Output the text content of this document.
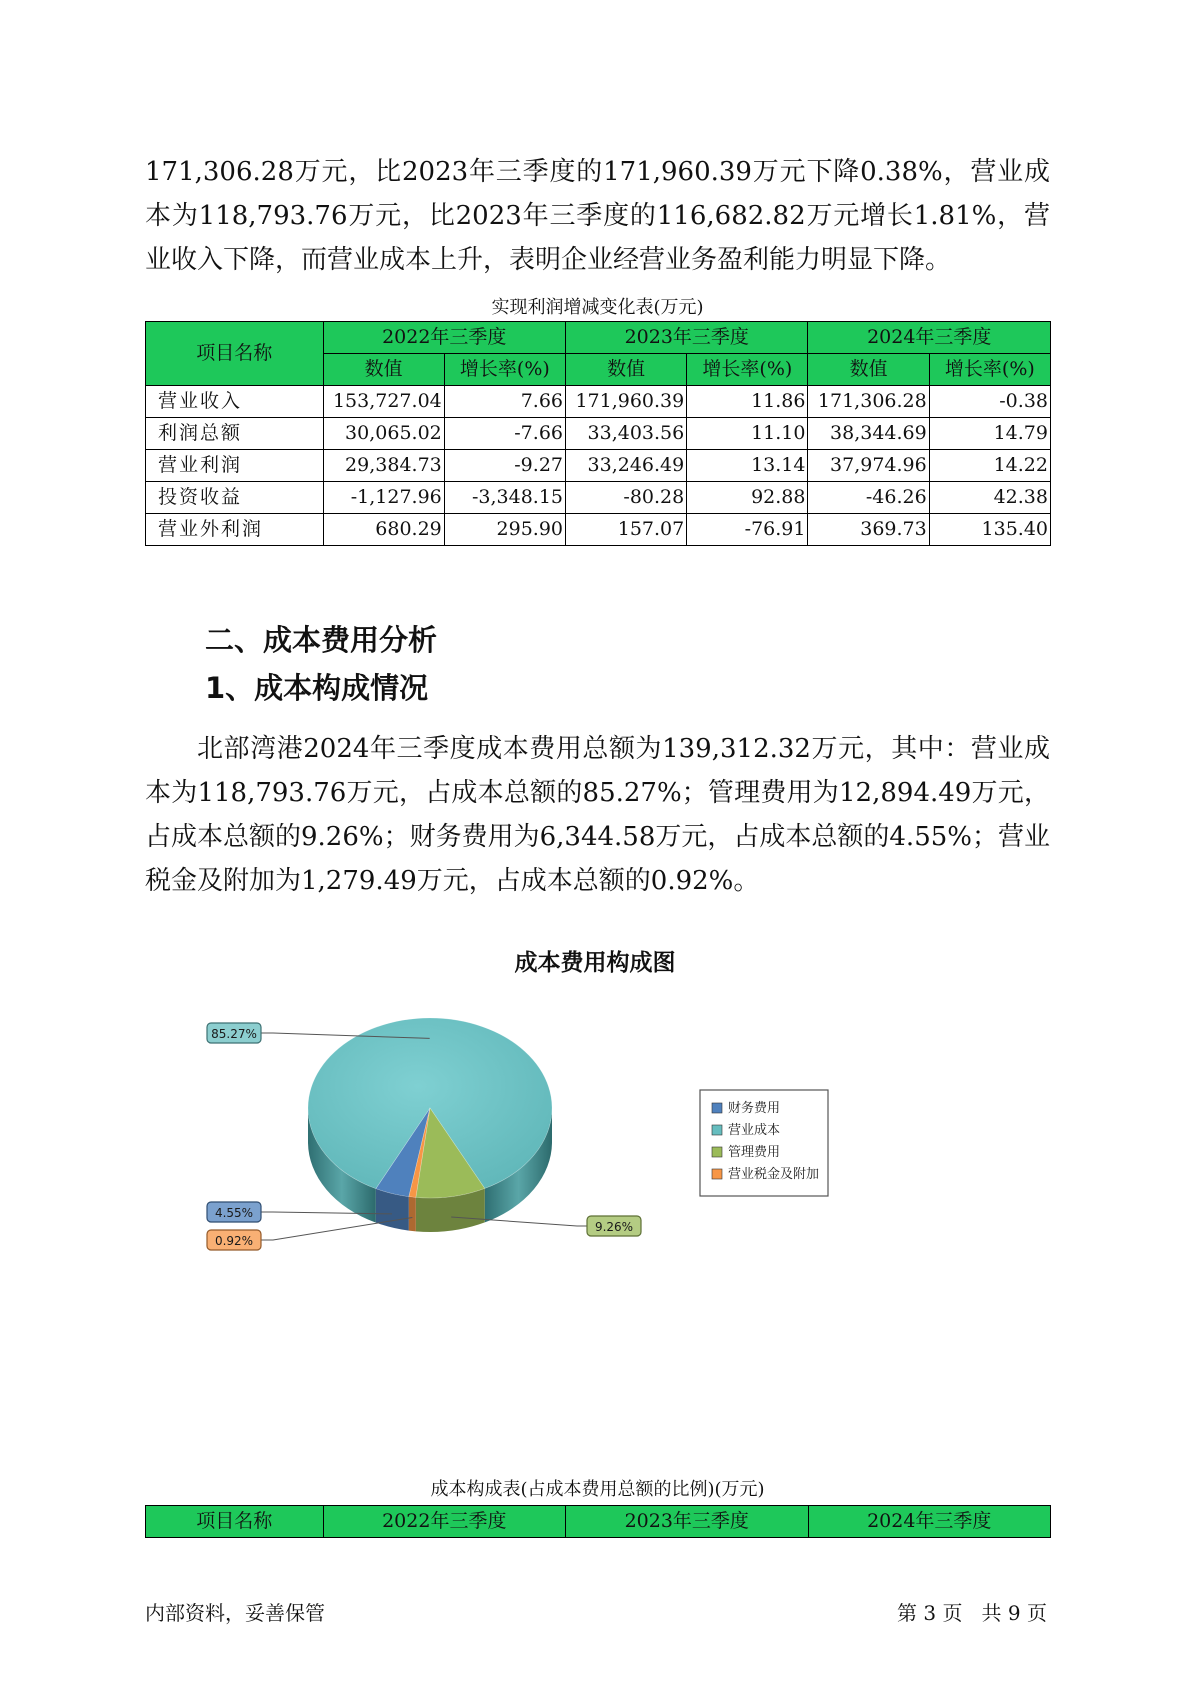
171,306.28万元，比2023年三季度的171,960.39万元下降0.38%，营业成本为118,793.76万元，比2023年三季度的116,682.82万元增长1.81%，营业收入下降，而营业成本上升，表明企业经营业务盈利能力明显下降。

实现利润增减变化表(万元)
项目名称	2022年三季度		2023年三季度		2024年三季度	
	数值	增长率(%)	数值	增长率(%)	数值	增长率(%)
营业收入	153,727.04	7.66	171,960.39	11.86	171,306.28	-0.38
利润总额	30,065.02	-7.66	33,403.56	11.10	38,344.69	14.79
营业利润	29,384.73	-9.27	33,246.49	13.14	37,974.96	14.22
投资收益	-1,127.96	-3,348.15	-80.28	92.88	-46.26	42.38
营业外利润	680.29	295.90	157.07	-76.91	369.73	135.40
二、成本费用分析
1、成本构成情况

北部湾港2024年三季度成本费用总额为139,312.32万元，其中：营业成本为118,793.76万元，占成本总额的85.27%；管理费用为12,894.49万元，占成本总额的9.26%；财务费用为6,344.58万元，占成本总额的4.55%；营业税金及附加为1,279.49万元，占成本总额的0.92%。

成本费用构成图
4.55%
85.27%
9.26%
0.92%
财务费用
营业成本
管理费用
营业税金及附加
成本构成表(占成本费用总额的比例)(万元)
项目名称	2022年三季度	2023年三季度	2024年三季度
内部资料，妥善保管	第 3 页   共 9 页
